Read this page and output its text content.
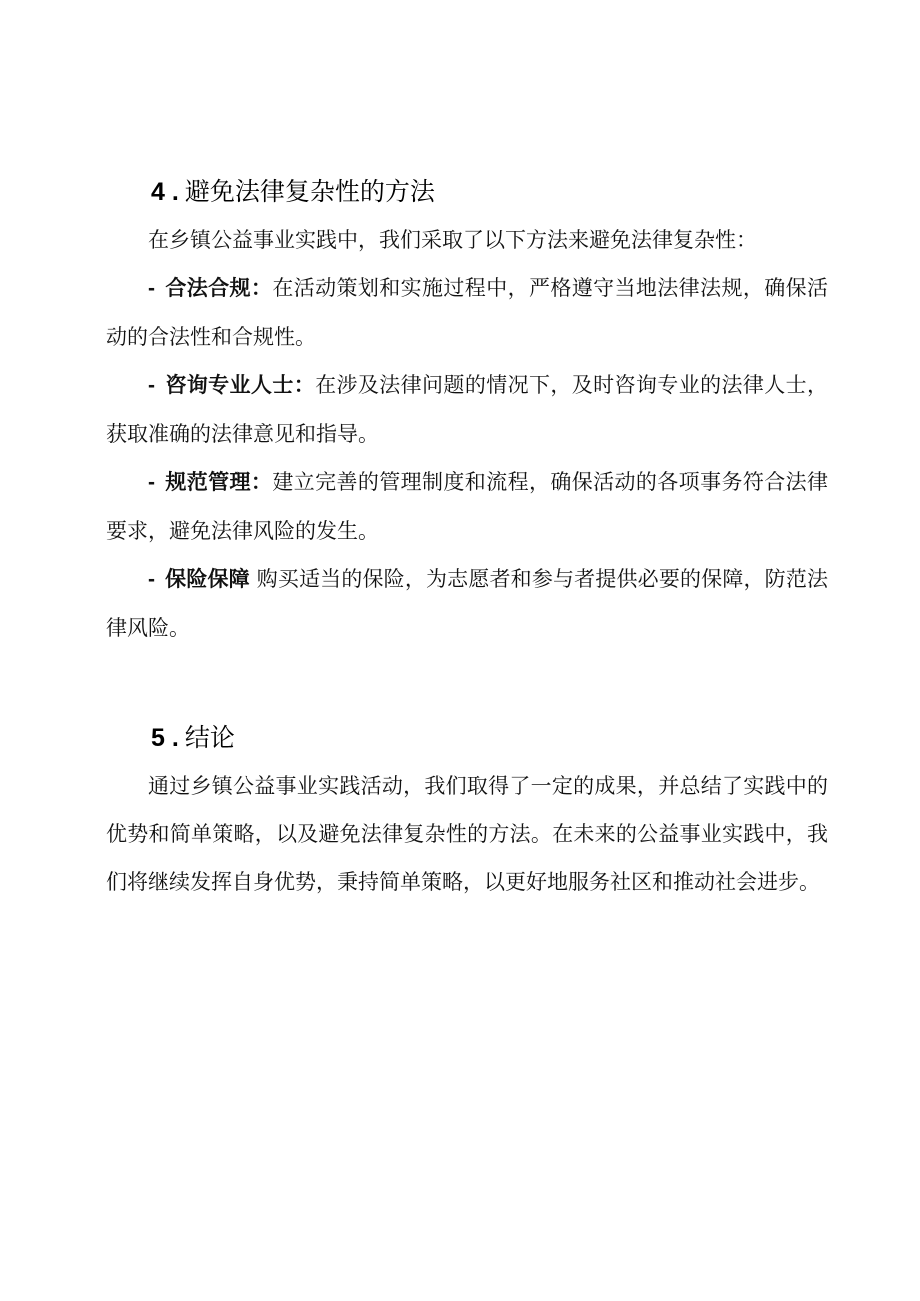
4 . 避免法律复杂性的方法

在乡镇公益事业实践中，我们采取了以下方法来避免法律复杂性：

- 合法合规：在活动策划和实施过程中，严格遵守当地法律法规，确保活动的合法性和合规性。

- 咨询专业人士：在涉及法律问题的情况下，及时咨询专业的法律人士，获取准确的法律意见和指导。

- 规范管理：建立完善的管理制度和流程，确保活动的各项事务符合法律要求，避免法律风险的发生。

- 保险保障 购买适当的保险，为志愿者和参与者提供必要的保障，防范法律风险。

5 . 结论

通过乡镇公益事业实践活动，我们取得了一定的成果，并总结了实践中的优势和简单策略，以及避免法律复杂性的方法。在未来的公益事业实践中，我们将继续发挥自身优势，秉持简单策略，以更好地服务社区和推动社会进步。
